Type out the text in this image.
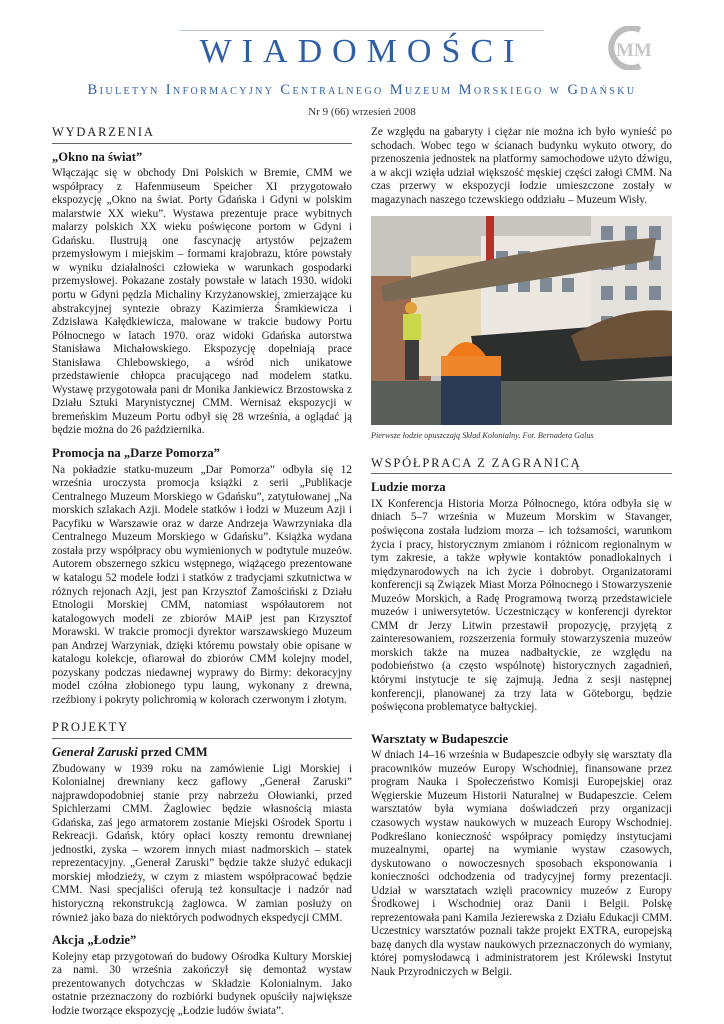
WIADOMOŚCI	MM
Biuletyn Informacyjny Centralnego Muzeum Morskiego w Gdańsku
Nr 9 (66) wrzesień 2008
WYDARZENIA
„Okno na świat”

Włączając się w obchody Dni Polskich w Bremie, CMM we współpracy z Hafenmuseum Speicher XI przygotowało ekspozycję „Okno na świat. Porty Gdańska i Gdyni w polskim malarstwie XX wieku”. Wystawa prezentuje prace wybitnych malarzy polskich XX wieku poświęcone portom w Gdyni i Gdańsku. Ilustrują one fascynację artystów pejzażem przemysłowym i miejskim – formami krajobrazu, które powstały w wyniku działalności człowieka w warunkach gospodarki przemysłowej. Pokazane zostały powstałe w latach 1930. widoki portu w Gdyni pędzla Michaliny Krzyżanowskiej, zmierzające ku abstrakcyjnej syntezie obrazy Kazimierza Śramkiewicza i Zdzisława Kałędkiewicza, malowane w trakcie budowy Portu Północnego w latach 1970. oraz widoki Gdańska autorstwa Stanisława Michałowskiego. Ekspozycję dopełniają prace Stanisława Chlebowskiego, a wśród nich unikatowe przedstawienie chłopca pracującego nad modelem statku. Wystawę przygotowała pani dr Monika Jankiewicz Brzostowska z Działu Sztuki Marynistycznej CMM. Wernisaż ekspozycji w bremeńskim Muzeum Portu odbył się 28 września, a oglądać ją będzie można do 26 października.

Promocja na „Darze Pomorza”

Na pokładzie statku-muzeum „Dar Pomorza” odbyła się 12 września uroczysta promocja książki z serii „Publikacje Centralnego Muzeum Morskiego w Gdańsku”, zatytułowanej „Na morskich szlakach Azji. Modele statków i łodzi w Muzeum Azji i Pacyfiku w Warszawie oraz w darze Andrzeja Wawrzyniaka dla Centralnego Muzeum Morskiego w Gdańsku”. Książka wydana została przy współpracy obu wymienionych w podtytule muzeów. Autorem obszernego szkicu wstępnego, wiążącego prezentowane w katalogu 52 modele łodzi i statków z tradycjami szkutnictwa w różnych rejonach Azji, jest pan Krzysztof Zamościński z Działu Etnologii Morskiej CMM, natomiast współautorem not katalogowych modeli ze zbiorów MAiP jest pan Krzysztof Morawski. W trakcie promocji dyrektor warszawskiego Muzeum pan Andrzej Warzyniak, dzięki któremu powstały obie opisane w katalogu kolekcje, ofiarował do zbiorów CMM kolejny model, pozyskany podczas niedawnej wyprawy do Birmy: dekoracyjny model czółna złobionego typu laung, wykonany z drewna, rzeźbiony i pokryty polichromią w kolorach czerwonym i złotym.

PROJEKTY
Generał Zaruski przed CMM

Zbudowany w 1939 roku na zamówienie Ligi Morskiej i Kolonialnej drewniany kecz gaflowy „Generał Zaruski” najprawdopodobniej stanie przy nabrzeżu Ołowianki, przed Spichlerzami CMM. Żaglowiec będzie własnością miasta Gdańska, zaś jego armatorem zostanie Miejski Ośrodek Sportu i Rekreacji. Gdańsk, który opłaci koszty remontu drewnianej jednostki, zyska – wzorem innych miast nadmorskich – statek reprezentacyjny. „Generał Zaruski” będzie także służyć edukacji morskiej młodzieży, w czym z miastem współpracować będzie CMM. Nasi specjaliści oferują też konsultacje i nadzór nad historyczną rekonstrukcją żaglowca. W zamian posłuży on również jako baza do niektórych podwodnych ekspedycji CMM.

Akcja „Łodzie”

Kolejny etap przygotowań do budowy Ośrodka Kultury Morskiej za nami. 30 września zakończył się demontaż wystaw prezentowanych dotychczas w Składzie Kolonialnym. Jako ostatnie przeznaczony do rozbiórki budynek opuściły największe łodzie tworzące ekspozycję „Łodzie ludów świata”.

Ze względu na gabaryty i ciężar nie można ich było wynieść po schodach. Wobec tego w ścianach budynku wykuto otwory, do przenoszenia jednostek na platformy samochodowe użyto dźwigu, a w akcji wzięła udział większość męskiej części załogi CMM. Na czas przerwy w ekspozycji łodzie umieszczone zostały w magazynach naszego tczewskiego oddziału – Muzeum Wisły.

Pierwsze łodzie opuszczają Skład Kolonialny. Fot. Bernadeta Galus
WSPÓŁPRACA Z ZAGRANICĄ
Ludzie morza

IX Konferencja Historia Morza Północnego, która odbyła się w dniach 5–7 września w Muzeum Morskim w Stavanger, poświęcona została ludziom morza – ich tożsamości, warunkom życia i pracy, historycznym zmianom i różnicom regionalnym w tym zakresie, a także wpływie kontaktów ponadlokalnych i międzynarodowych na ich życie i dobrobyt. Organizatorami konferencji są Związek Miast Morza Północnego i Stowarzyszenie Muzeów Morskich, a Radę Programową tworzą przedstawiciele muzeów i uniwersytetów. Uczestniczący w konferencji dyrektor CMM dr Jerzy Litwin przestawił propozycję, przyjętą z zainteresowaniem, rozszerzenia formuły stowarzyszenia muzeów morskich także na muzea nadbałtyckie, ze względu na podobieństwo (a często wspólnotę) historycznych zagadnień, którymi instytucje te się zajmują. Jedna z sesji następnej konferencji, planowanej za trzy lata w Göteborgu, będzie poświęcona problematyce bałtyckiej.

Warsztaty w Budapeszcie

W dniach 14–16 września w Budapeszcie odbyły się warsztaty dla pracowników muzeów Europy Wschodniej, finansowane przez program Nauka i Społeczeństwo Komisji Europejskiej oraz Węgierskie Muzeum Historii Naturalnej w Budapeszcie. Celem warsztatów była wymiana doświadczeń przy organizacji czasowych wystaw naukowych w muzeach Europy Wschodniej. Podkreślano konieczność współpracy pomiędzy instytucjami muzealnymi, opartej na wymianie wystaw czasowych, dyskutowano o nowoczesnych sposobach eksponowania i konieczności odchodzenia od tradycyjnej formy prezentacji. Udział w warsztatach wzięli pracownicy muzeów z Europy Środkowej i Wschodniej oraz Danii i Belgii. Polskę reprezentowała pani Kamila Jezierewska z Działu Edukacji CMM. Uczestnicy warsztatów poznali także projekt EXTRA, europejską bazę danych dla wystaw naukowych przeznaczonych do wymiany, której pomysłodawcą i administratorem jest Królewski Instytut Nauk Przyrodniczych w Belgii.
